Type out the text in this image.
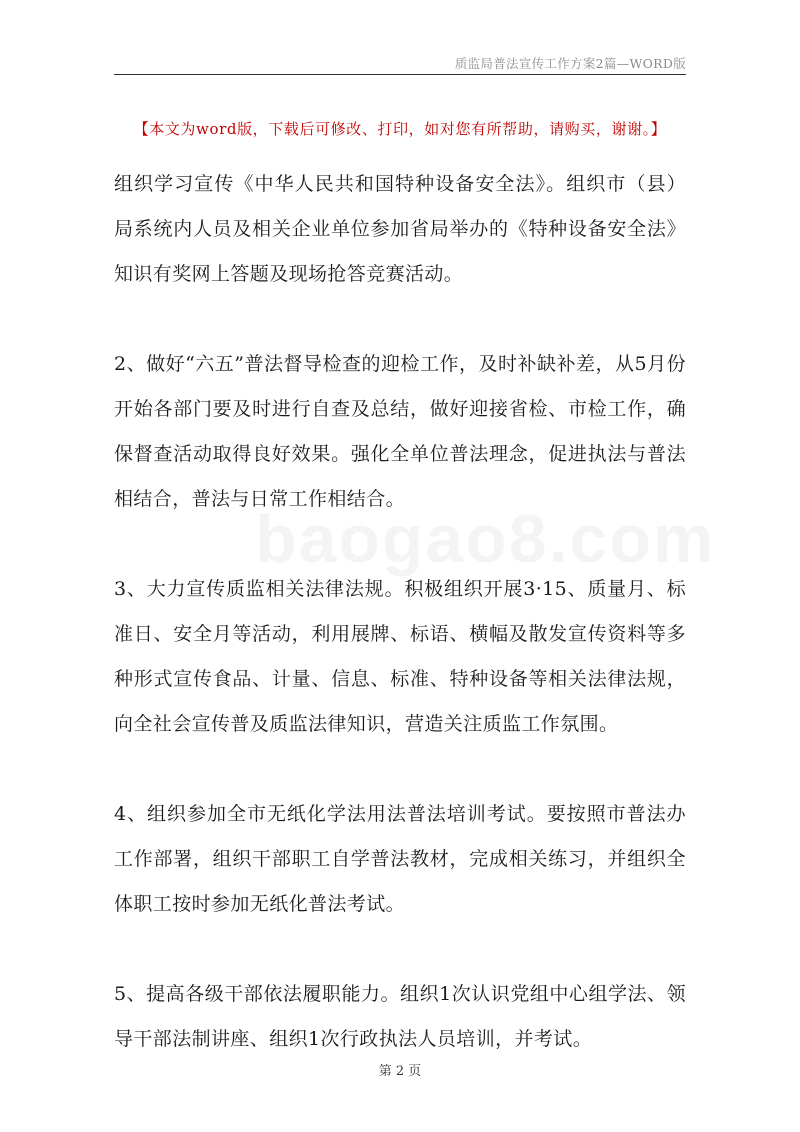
质监局普法宣传工作方案2篇—WORD版
【本文为word版，下载后可修改、打印，如对您有所帮助，请购买，谢谢。】

组织学习宣传《中华人民共和国特种设备安全法》。组织市（县）局系统内人员及相关企业单位参加省局举办的《特种设备安全法》知识有奖网上答题及现场抢答竞赛活动。

2、做好“六五”普法督导检查的迎检工作，及时补缺补差，从5月份开始各部门要及时进行自查及总结，做好迎接省检、市检工作，确保督查活动取得良好效果。强化全单位普法理念，促进执法与普法相结合，普法与日常工作相结合。

3、大力宣传质监相关法律法规。积极组织开展3·15、质量月、标准日、安全月等活动，利用展牌、标语、横幅及散发宣传资料等多种形式宣传食品、计量、信息、标准、特种设备等相关法律法规，向全社会宣传普及质监法律知识，营造关注质监工作氛围。

4、组织参加全市无纸化学法用法普法培训考试。要按照市普法办工作部署，组织干部职工自学普法教材，完成相关练习，并组织全体职工按时参加无纸化普法考试。

5、提高各级干部依法履职能力。组织1次认识党组中心组学法、领导干部法制讲座、组织1次行政执法人员培训，并考试。

第 2 页
